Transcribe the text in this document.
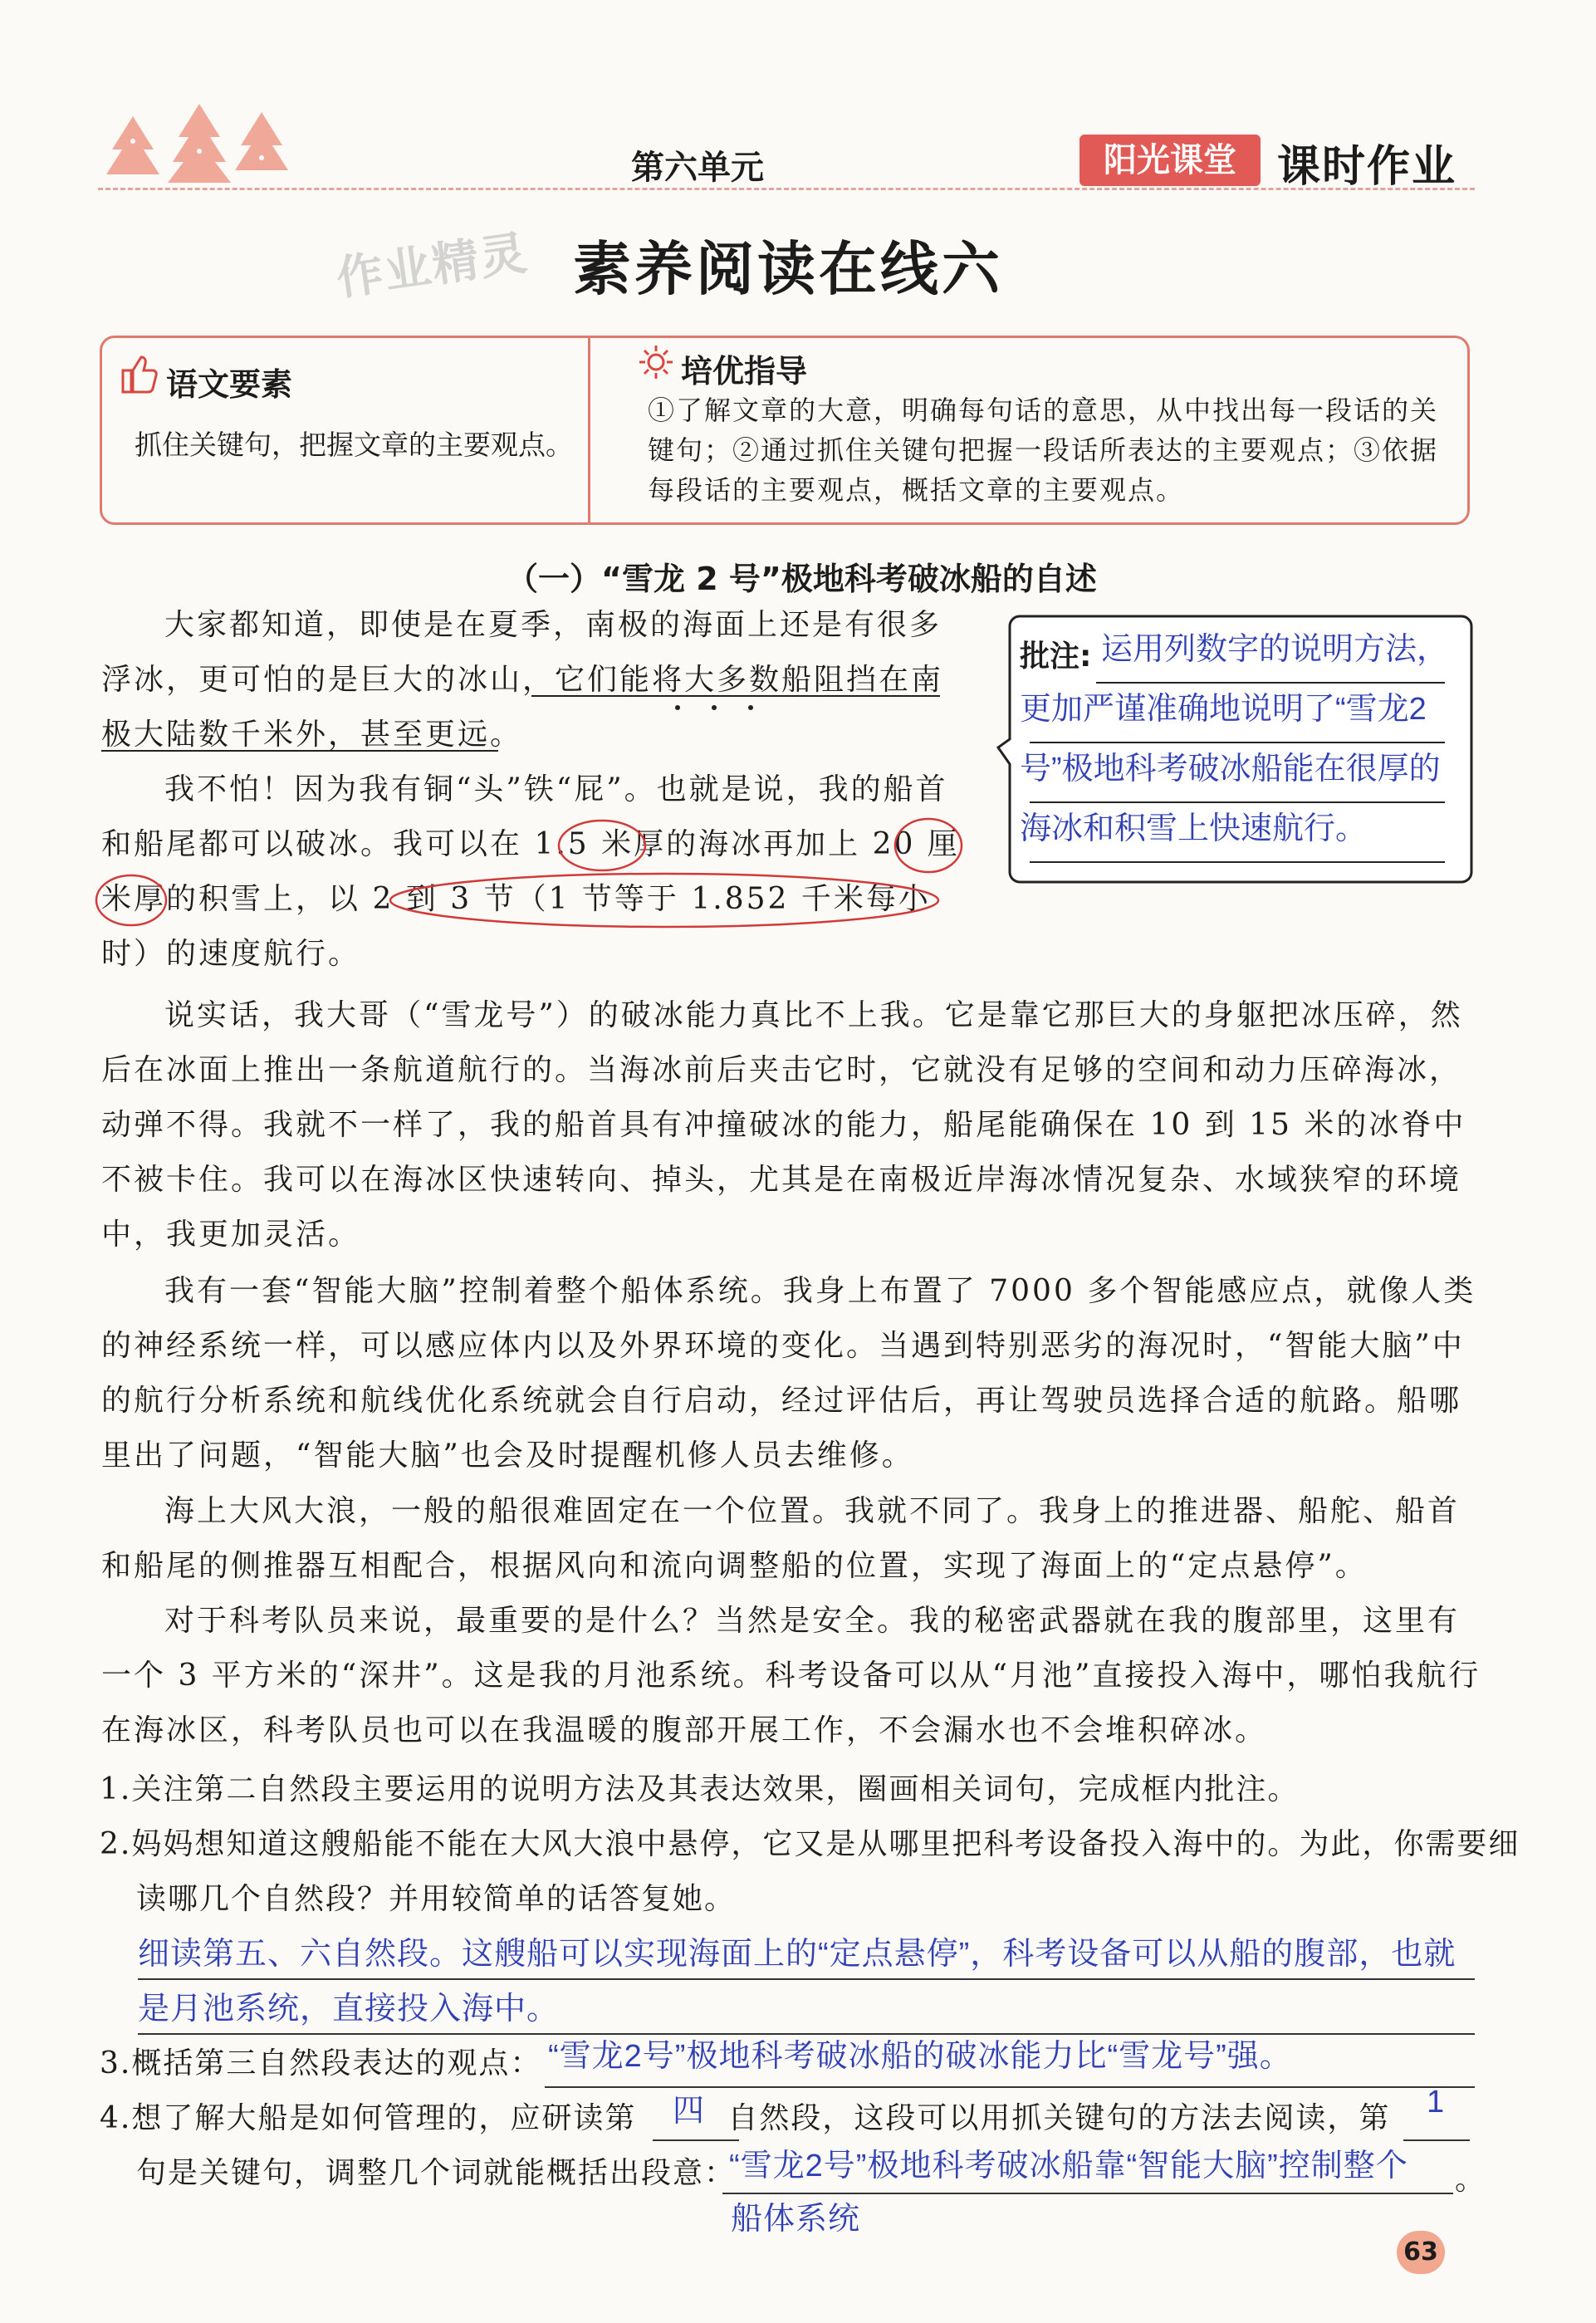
第六单元	阳光课堂 课时作业
作业精灵 素养阅读在线六
语文要素	培优指导
抓住关键句，把握文章的主要观点。
①了解文章的大意，明确每句话的意思，从中找出每一段话的关键句；②通过抓住关键句把握一段话所表达的主要观点；③依据每段话的主要观点，概括文章的主要观点。
（一）“雪龙 2 号”极地科考破冰船的自述
大家都知道，即使是在夏季，南极的海面上还是有很多浮冰，更可怕的是巨大的冰山，它们能将大多数船阻挡在南极大陆数千米外，甚至更远。
我不怕！因为我有铜“头”铁“屁”。也就是说，我的船首和船尾都可以破冰。我可以在 1.5 米厚的海冰再加上 20 厘米厚的积雪上，以 2 到 3 节（1 节等于 1.852 千米每小时）的速度航行。
说实话，我大哥（“雪龙号”）的破冰能力真比不上我。它是靠它那巨大的身躯把冰压碎，然后在冰面上推出一条航道航行的。当海冰前后夹击它时，它就没有足够的空间和动力压碎海冰，动弹不得。我就不一样了，我的船首具有冲撞破冰的能力，船尾能确保在 10 到 15 米的冰脊中不被卡住。我可以在海冰区快速转向、掉头，尤其是在南极近岸海冰情况复杂、水域狭窄的环境中，我更加灵活。
我有一套“智能大脑”控制着整个船体系统。我身上布置了 7000 多个智能感应点，就像人类的神经系统一样，可以感应体内以及外界环境的变化。当遇到特别恶劣的海况时，“智能大脑”中的航行分析系统和航线优化系统就会自行启动，经过评估后，再让驾驶员选择合适的航路。船哪里出了问题，“智能大脑”也会及时提醒机修人员去维修。
海上大风大浪，一般的船很难固定在一个位置。我就不同了。我身上的推进器、船舵、船首和船尾的侧推器互相配合，根据风向和流向调整船的位置，实现了海面上的“定点悬停”。
对于科考队员来说，最重要的是什么？当然是安全。我的秘密武器就在我的腹部里，这里有一个 3 平方米的“深井”。这是我的月池系统。科考设备可以从“月池”直接投入海中，哪怕我航行在海冰区，科考队员也可以在我温暖的腹部开展工作，不会漏水也不会堆积碎冰。
批注: 运用列数字的说明方法，更加严谨准确地说明了“雪龙2号”极地科考破冰船能在很厚的海冰和积雪上快速航行。
1.关注第二自然段主要运用的说明方法及其表达效果，圈画相关词句，完成框内批注。
2.妈妈想知道这艘船能不能在大风大浪中悬停，它又是从哪里把科考设备投入海中的。为此，你需要细读哪几个自然段？并用较简单的话答复她。
细读第五、六自然段。这艘船可以实现海面上的“定点悬停”，科考设备可以从船的腹部，也就是月池系统，直接投入海中。
3.概括第三自然段表达的观点： “雪龙2号”极地科考破冰船的破冰能力比“雪龙号”强。
4.想了解大船是如何管理的，应研读第	自然段，这段可以用抓关键句的方法去阅读，第
四	1
句是关键句，调整几个词就能概括出段意：
“雪龙2号”极地科考破冰船靠“智能大脑”控制整个 。
船体系统
63
